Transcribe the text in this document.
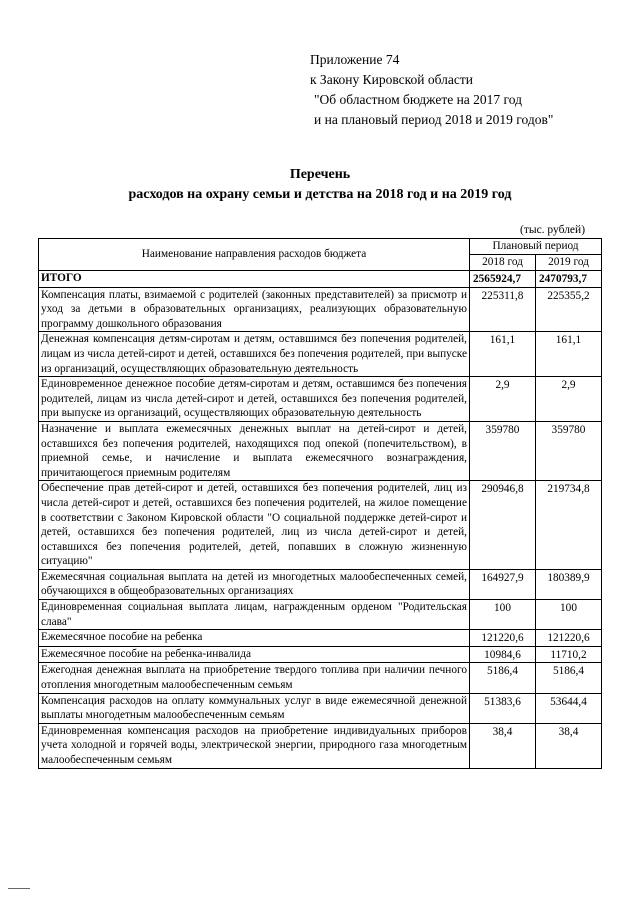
Приложение 74
к Закону Кировской области
"Об областном бюджете на 2017 год
и на плановый период 2018 и 2019 годов"
Перечень
расходов на охрану семьи и детства на 2018 год и на 2019 год
(тыс. рублей)
Наименование направления расходов бюджета	Плановый период	
	2018 год	2019 год
ИТОГО	2565924,7	2470793,7
Компенсация платы, взимаемой с родителей (законных представителей) за присмотр и уход за детьми в образовательных организациях, реализующих образовательную программу дошкольного образования	225311,8	225355,2
Денежная компенсация детям-сиротам и детям, оставшимся без попечения родителей, лицам из числа детей-сирот и детей, оставшихся без попечения родителей, при выпуске из организаций, осуществляющих образовательную деятельность	161,1	161,1
Единовременное денежное пособие детям-сиротам и детям, оставшимся без попечения родителей, лицам из числа детей-сирот и детей, оставшихся без попечения родителей, при выпуске из организаций, осуществляющих образовательную деятельность	2,9	2,9
Назначение и выплата ежемесячных денежных выплат на детей-сирот и детей, оставшихся без попечения родителей, находящихся под опекой (попечительством), в приемной семье, и начисление и выплата ежемесячного вознаграждения, причитающегося приемным родителям	359780	359780
Обеспечение прав детей-сирот и детей, оставшихся без попечения родителей, лиц из числа детей-сирот и детей, оставшихся без попечения родителей, на жилое помещение в соответствии с Законом Кировской области "О социальной поддержке детей-сирот и детей, оставшихся без попечения родителей, лиц из числа детей-сирот и детей, оставшихся без попечения родителей, детей, попавших в сложную жизненную ситуацию"	290946,8	219734,8
Ежемесячная социальная выплата на детей из многодетных малообеспеченных семей, обучающихся в общеобразовательных организациях	164927,9	180389,9
Единовременная социальная выплата лицам, награжденным орденом "Родительская слава"	100	100
Ежемесячное пособие на ребенка	121220,6	121220,6
Ежемесячное пособие на ребенка-инвалида	10984,6	11710,2
Ежегодная денежная выплата на приобретение твердого топлива при наличии печного отопления многодетным малообеспеченным семьям	5186,4	5186,4
Компенсация расходов на оплату коммунальных услуг в виде ежемесячной денежной выплаты многодетным малообеспеченным семьям	51383,6	53644,4
Единовременная компенсация расходов на приобретение индивидуальных приборов учета холодной и горячей воды, электрической энергии, природного газа многодетным малообеспеченным семьям	38,4	38,4
